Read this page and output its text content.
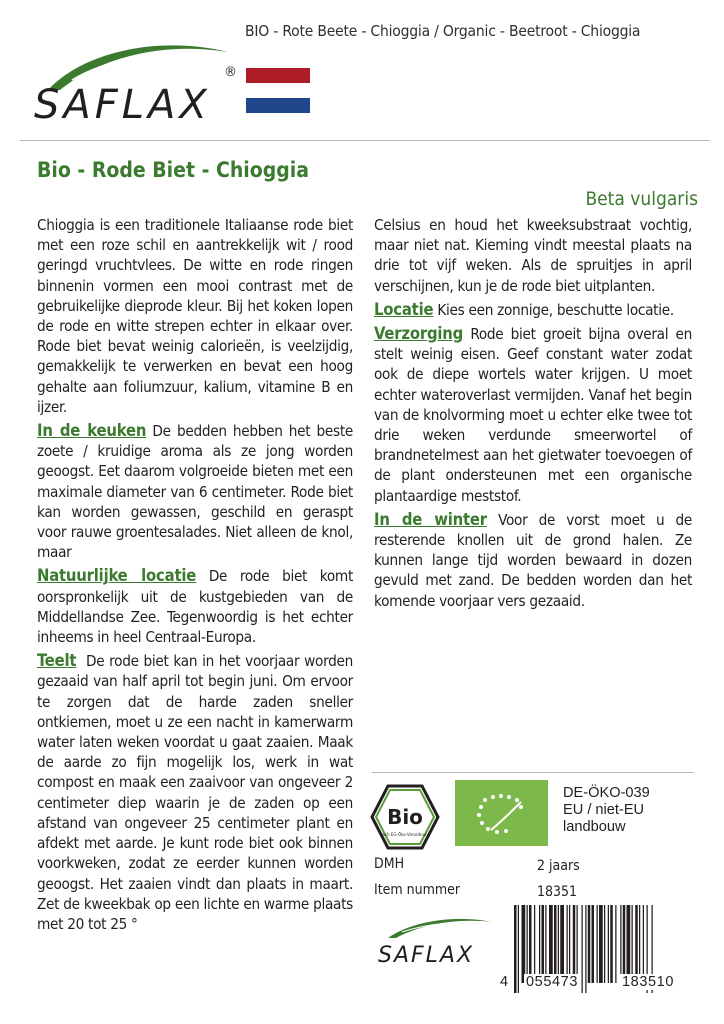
BIO - Rote Beete - Chioggia / Organic - Beetroot - Chioggia
SAFLAX
®
Bio - Rode Biet - Chioggia
Beta vulgaris

Chioggia is een traditionele Italiaanse rode biet met een roze schil en aantrekkelijk wit / rood geringd vruchtvlees. De witte en rode ringen binnenin vormen een mooi contrast met de gebruikelijke dieprode kleur. Bij het koken lopen de rode en witte strepen echter in elkaar over. Rode biet bevat weinig calorieën, is veelzijdig, gemakkelijk te verwerken en bevat een hoog gehalte aan foliumzuur, kalium, vitamine B en ijzer.

In de keuken De bedden hebben het beste zoete / kruidige aroma als ze jong worden geoogst. Eet daarom volgroeide bieten met een maximale diameter van 6 centimeter. Rode biet kan worden gewassen, geschild en geraspt voor rauwe groentesalades. Niet alleen de knol, maar

Natuurlijke locatie De rode biet komt oorspronkelijk uit de kustgebieden van de Middellandse Zee. Tegenwoordig is het echter inheems in heel Centraal-Europa.

Teelt De rode biet kan in het voorjaar worden gezaaid van half april tot begin juni. Om ervoor te zorgen dat de harde zaden sneller ontkiemen, moet u ze een nacht in kamerwarm water laten weken voordat u gaat zaaien. Maak de aarde zo fijn mogelijk los, werk in wat compost en maak een zaaivoor van ongeveer 2 centimeter diep waarin je de zaden op een afstand van ongeveer 25 centimeter plant en afdekt met aarde. Je kunt rode biet ook binnen voorkweken, zodat ze eerder kunnen worden geoogst. Het zaaien vindt dan plaats in maart. Zet de kweekbak op een lichte en warme plaats met 20 tot 25 °

Celsius en houd het kweeksubstraat vochtig, maar niet nat. Kieming vindt meestal plaats na drie tot vijf weken. Als de spruitjes in april verschijnen, kun je de rode biet uitplanten.

Locatie Kies een zonnige, beschutte locatie.

Verzorging Rode biet groeit bijna overal en stelt weinig eisen. Geef constant water zodat ook de diepe wortels water krijgen. U moet echter wateroverlast vermijden. Vanaf het begin van de knolvorming moet u echter elke twee tot drie weken verdunde smeerwortel of brandnetelmest aan het gietwater toevoegen of de plant ondersteunen met een organische plantaardige meststof.

In de winter Voor de vorst moet u de resterende knollen uit de grond halen. Ze kunnen lange tijd worden bewaard in dozen gevuld met zand. De bedden worden dan het komende voorjaar vers gezaaid.

Bio
nach EG-Öko-Verordnung
DE-ÖKO-039
EU / niet-EU
landbouw
DMH	2 jaars
Item nummer	18351
SAFLAX
4 055473	183510
